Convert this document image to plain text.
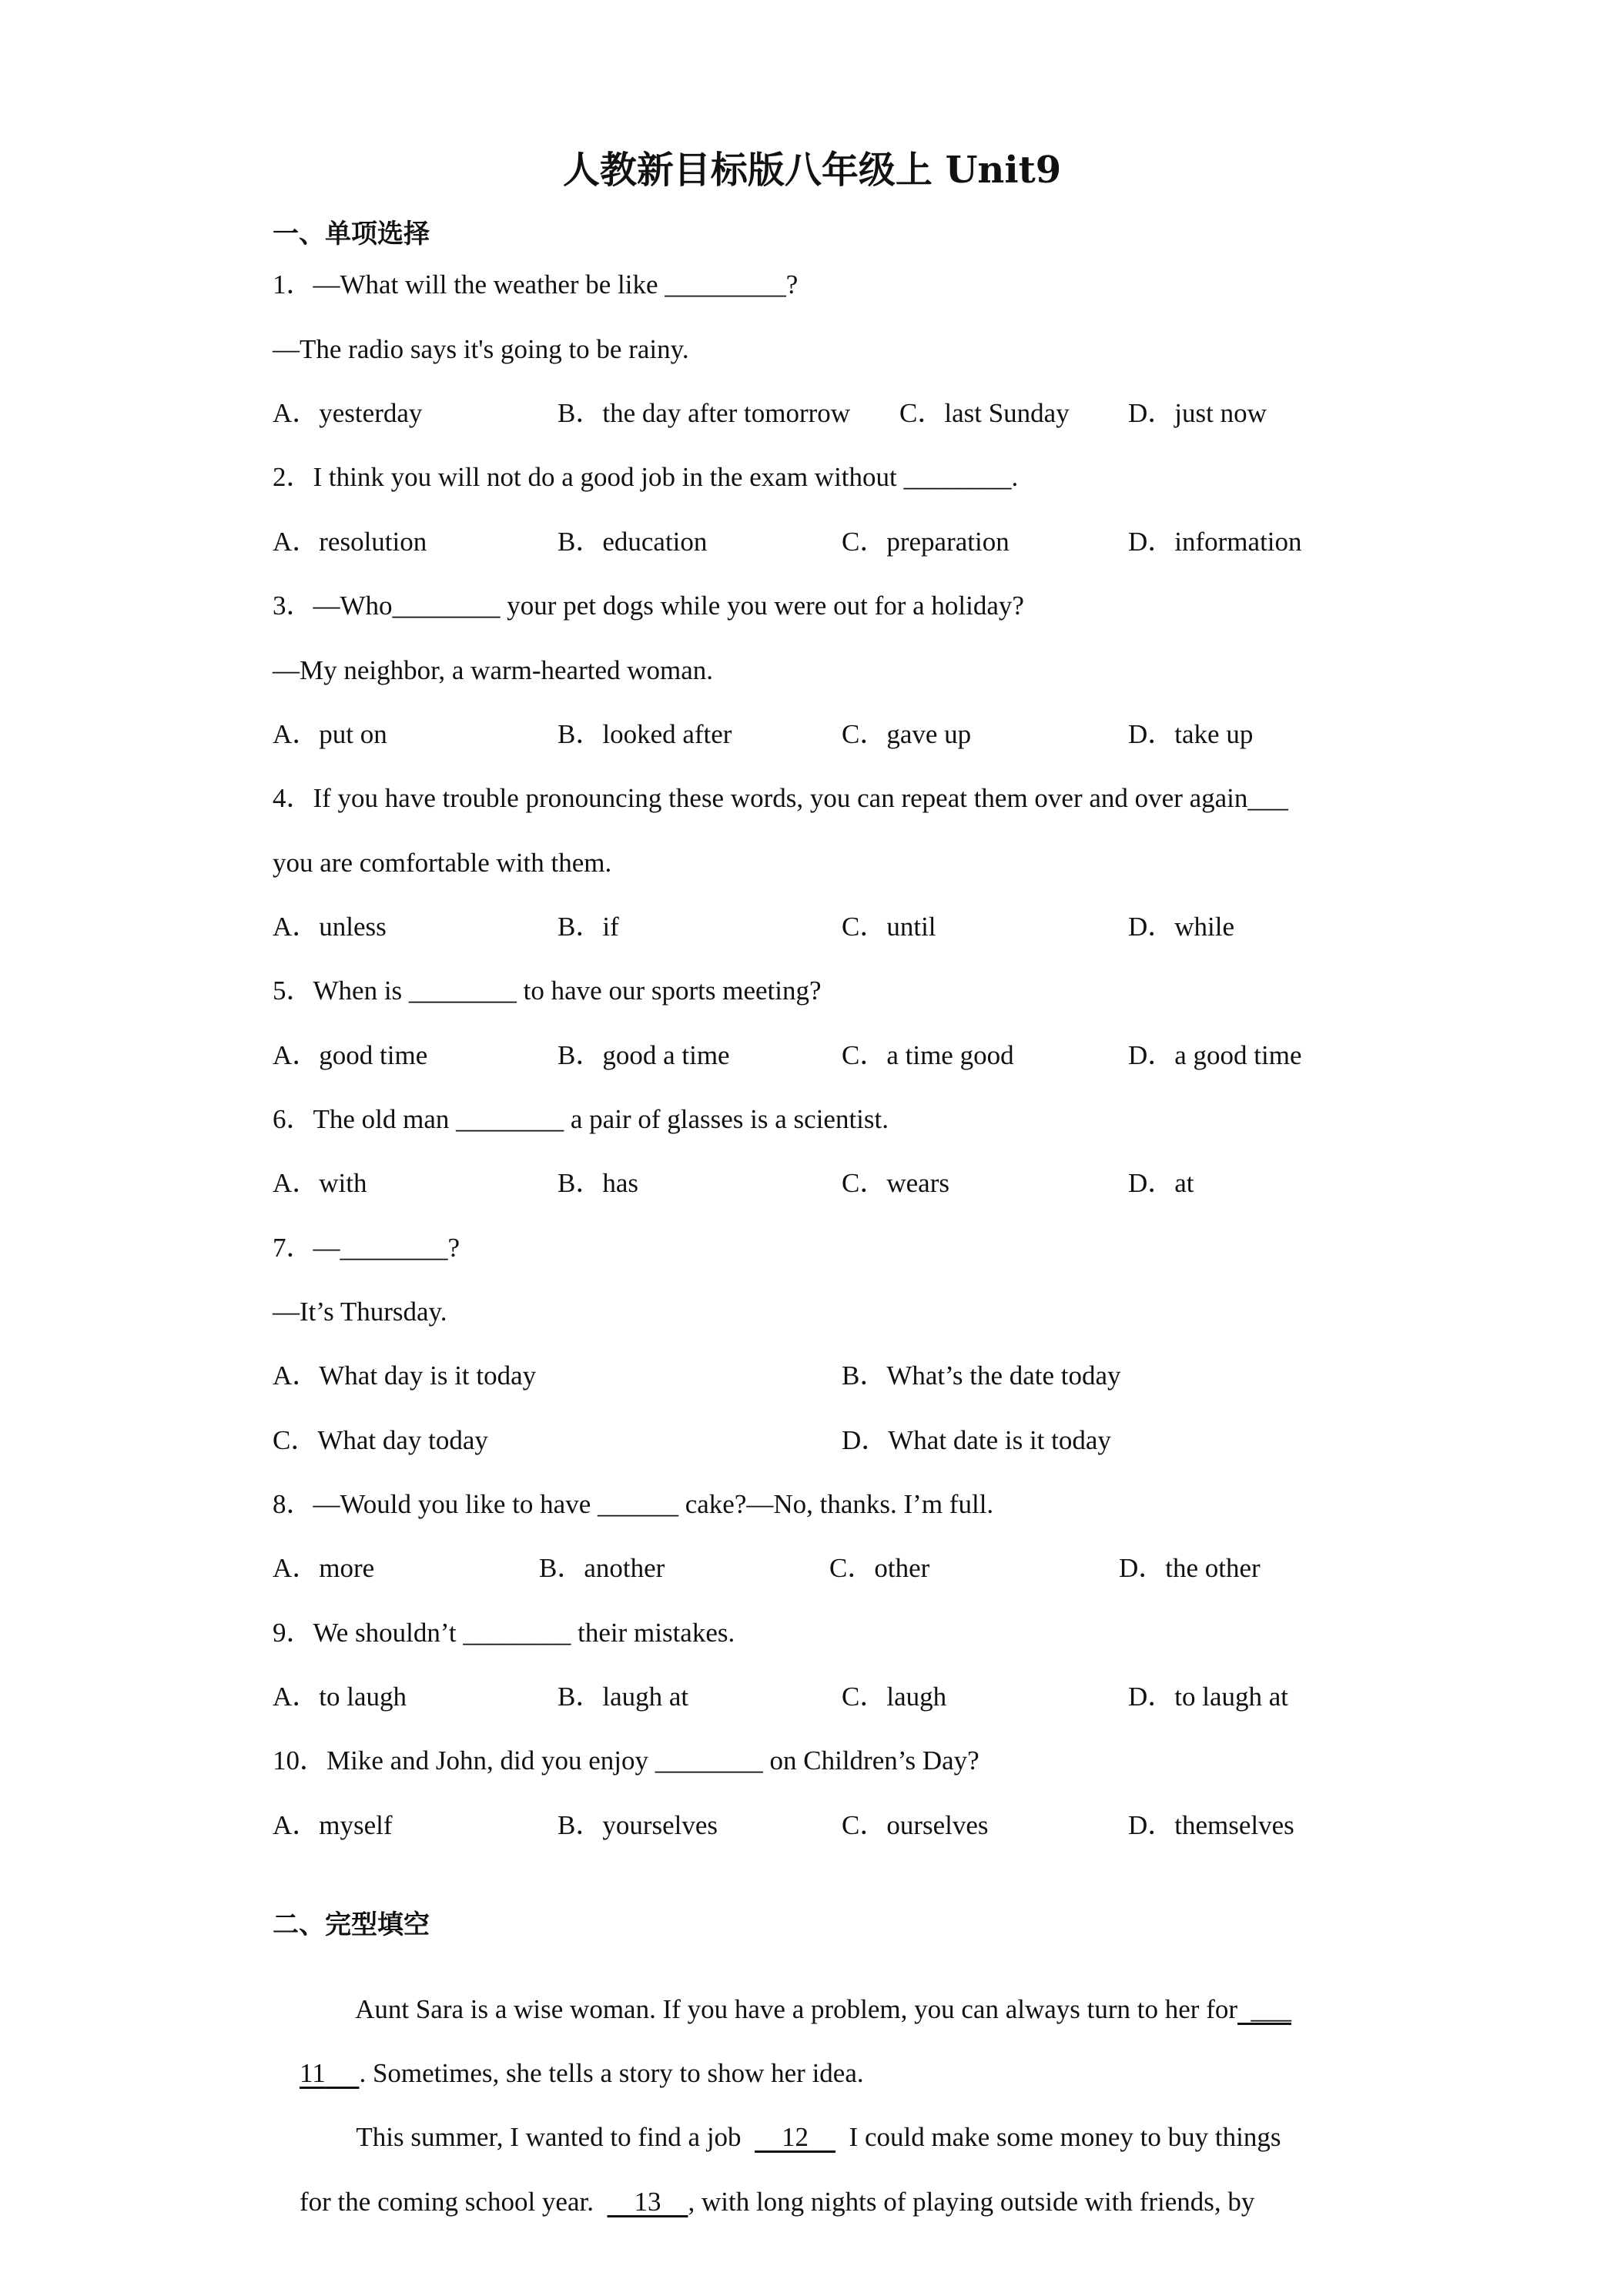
人教新目标版八年级上 Unit9
一、单项选择
1．—What will the weather be like _________?
—The radio says it's going to be rainy.
A．yesterday	B．the day after tomorrow C．last Sunday D．just now
2．I think you will not do a good job in the exam without ________.
A．resolution	B．education	C．preparation	D．information
3．—Who________ your pet dogs while you were out for a holiday?
—My neighbor, a warm-hearted woman.
A．put on	B．looked after	C．gave up	D．take up
4．If you have trouble pronouncing these words, you can repeat them over and over again___
you are comfortable with them.
A．unless	B．if	C．until	D．while
5．When is ________ to have our sports meeting?
A．good time	B．good a time	C．a time good	D．a good time
6．The old man ________ a pair of glasses is a scientist.
A．with	B．has	C．wears	D．at
7．—________?
—It’s Thursday.
A．What day is it today	B．What’s the date today
C．What day today	D．What date is it today
8．—Would you like to have ______ cake?—No, thanks. I’m full.
A．more	B．another	C．other	D．the other
9．We shouldn’t ________ their mistakes.
A．to laugh	B．laugh at	C．laugh	D．to laugh at
10．Mike and John, did you enjoy ________ on Children’s Day?
A．myself	B．yourselves	C．ourselves	D．themselves
二、完型填空

Aunt Sara is a wise woman. If you have a problem, you can always turn to her for  ___

11 . Sometimes, she tells a story to show her idea.

This summer, I wanted to find a job 12 I could make some money to buy things

for the coming school year. 13 , with long nights of playing outside with friends, by
